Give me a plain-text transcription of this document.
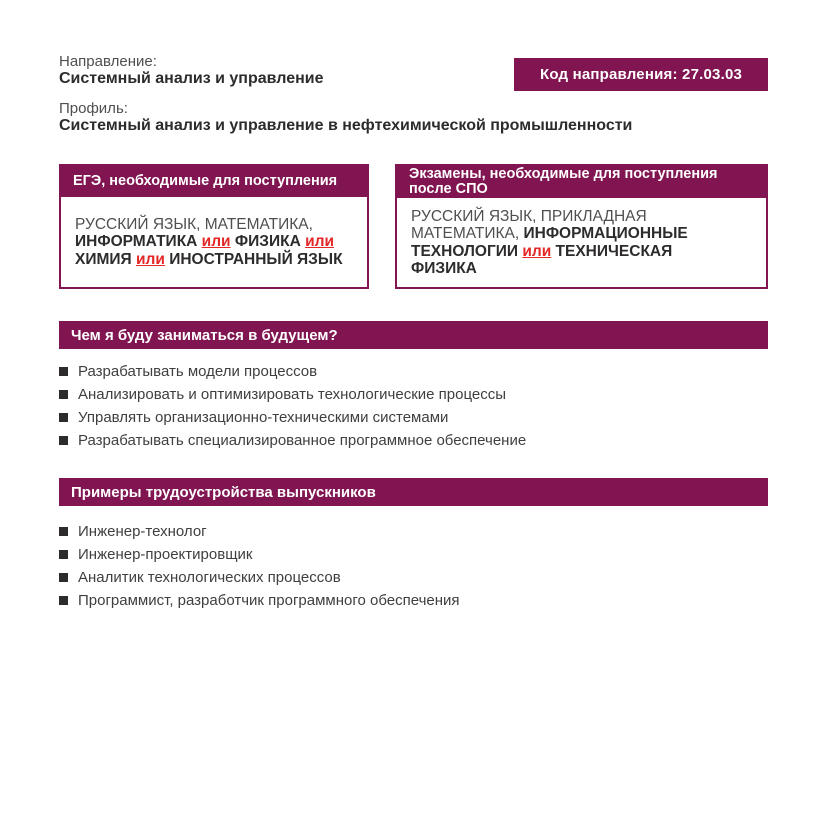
Направление:
Системный анализ и управление	Код направления: 27.03.03
Профиль:
Системный анализ и управление в нефтехимической промышленности
ЕГЭ, необходимые для поступления
РУССКИЙ ЯЗЫК, МАТЕМАТИКА,
ИНФОРМАТИКА или ФИЗИКА или
ХИМИЯ или ИНОСТРАННЫЙ ЯЗЫК
Экзамены, необходимые для поступления после СПО
РУССКИЙ ЯЗЫК, ПРИКЛАДНАЯ
МАТЕМАТИКА, ИНФОРМАЦИОННЫЕ
ТЕХНОЛОГИИ или ТЕХНИЧЕСКАЯ
ФИЗИКА
Чем я буду заниматься в будущем?
Разрабатывать модели процессов
Анализировать и оптимизировать технологические процессы
Управлять организационно-техническими системами
Разрабатывать специализированное программное обеспечение
Примеры трудоустройства выпускников
Инженер-технолог
Инженер-проектировщик
Аналитик технологических процессов
Программист, разработчик программного обеспечения
